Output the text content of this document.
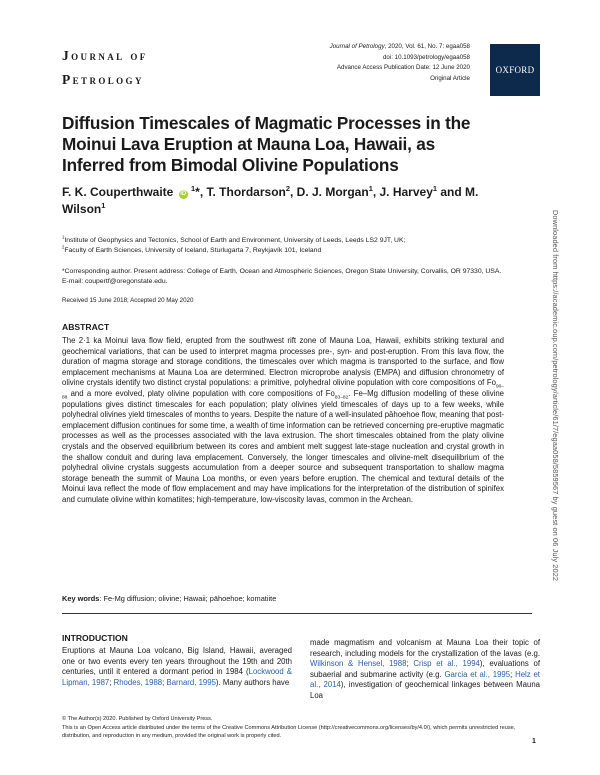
Journal of
Petrology
Journal of Petrology, 2020, Vol. 61, No. 7: egaa058
doi: 10.1093/petrology/egaa058
Advance Access Publication Date: 12 June 2020
Original Article
OXFORD
Diffusion Timescales of Magmatic Processes in the Moinui Lava Eruption at Mauna Loa, Hawaii, as Inferred from Bimodal Olivine Populations
F. K. Couperthwaite iD $^1$*, T. Thordarson$^2$, D. J. Morgan$^1$, J. Harvey$^1$ and M. Wilson$^1$
$^1$Institute of Geophysics and Tectonics, School of Earth and Environment, University of Leeds, Leeds LS2 9JT, UK;
$^2$Faculty of Earth Sciences, University of Iceland, Sturlugarta 7, Reykjavík 101, Iceland
*Corresponding author. Present address: College of Earth, Ocean and Atmospheric Sciences, Oregon State University, Corvallis, OR 97330, USA. E-mail: coupertf@oregonstate.edu.
Received 15 June 2018; Accepted 20 May 2020
ABSTRACT
The 2·1 ka Moinui lava flow field, erupted from the southwest rift zone of Mauna Loa, Hawaii, exhibits striking textural and geochemical variations, that can be used to interpret magma processes pre-, syn- and post-eruption. From this lava flow, the duration of magma storage and storage conditions, the timescales over which magma is transported to the surface, and flow emplacement mechanisms at Mauna Loa are determined. Electron microprobe analysis (EMPA) and diffusion chronometry of olivine crystals identify two distinct crystal populations: a primitive, polyhedral olivine population with core compositions of $Fo_{90-88}$ and a more evolved, platy olivine population with core compositions of $Fo_{83-82}$. Fe–Mg diffusion modelling of these olivine populations gives distinct timescales for each population; platy olivines yield timescales of days up to a few weeks, while polyhedral olivines yield timescales of months to years. Despite the nature of a well-insulated pāhoehoe flow, meaning that post-emplacement diffusion continues for some time, a wealth of time information can be retrieved concerning pre-eruptive magmatic processes as well as the processes associated with the lava extrusion. The short timescales obtained from the platy olivine crystals and the observed equilibrium between its cores and ambient melt suggest late-stage nucleation and crystal growth in the shallow conduit and during lava emplacement. Conversely, the longer timescales and olivine-melt disequilibrium of the polyhedral olivine crystals suggests accumulation from a deeper source and subsequent transportation to shallow magma storage beneath the summit of Mauna Loa months, or even years before eruption. The chemical and textural details of the Moinui lava reflect the mode of flow emplacement and may have implications for the interpretation of the distribution of spinifex and cumulate olivine within komatiites; high-temperature, low-viscosity lavas, common in the Archean.
Key words: Fe-Mg diffusion; olivine; Hawaii; pāhoehoe; komatiite
INTRODUCTION
Eruptions at Mauna Loa volcano, Big Island, Hawaii, averaged one or two events every ten years throughout the 19th and 20th centuries, until it entered a dormant period in 1984 (Lockwood & Lipman, 1987; Rhodes, 1988; Barnard, 1995). Many authors have
made magmatism and volcanism at Mauna Loa their topic of research, including models for the crystallization of the lavas (e.g. Wilkinson & Hensel, 1988; Crisp et al., 1994), evaluations of subaerial and submarine activity (e.g. Garcia et al., 1995; Helz et al., 2014), investigation of geochemical linkages between Mauna Loa
© The Author(s) 2020. Published by Oxford University Press.
This is an Open Access article distributed under the terms of the Creative Commons Attribution License (http://creativecommons.org/licenses/by/4.0/), which permits unrestricted reuse, distribution, and reproduction in any medium, provided the original work is properly cited.
1
Downloaded from https://academic.oup.com/petrology/article/61/7/egaa058/5859567 by guest on 06 July 2022
